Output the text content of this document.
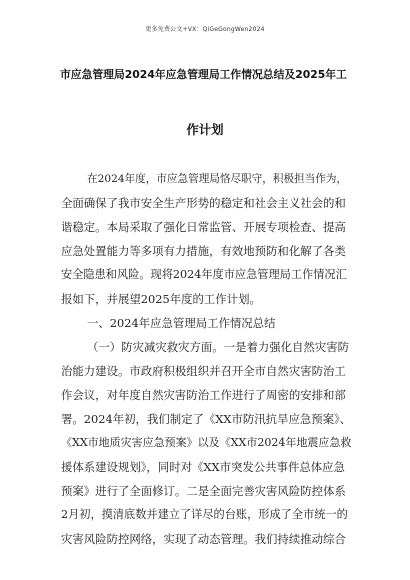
更多免费公文+VX：QiGeGongWen2024
市应急管理局2024年应急管理局工作情况总结及2025年工
作计划
在2024年度，市应急管理局恪尽职守，积极担当作为，
全面确保了我市安全生产形势的稳定和社会主义社会的和
谐稳定。本局采取了强化日常监管、开展专项检查、提高
应急处置能力等多项有力措施，有效地预防和化解了各类
安全隐患和风险。现将2024年度市应急管理局工作情况汇
报如下，并展望2025年度的工作计划。
一、2024年应急管理局工作情况总结
（一）防灾减灾救灾方面。一是着力强化自然灾害防
治能力建设。市政府积极组织并召开全市自然灾害防治工
作会议，对年度自然灾害防治工作进行了周密的安排和部
署。2024年初，我们制定了《XX市防汛抗旱应急预案》、
《XX市地质灾害应急预案》以及《XX市2024年地震应急救
援体系建设规划》，同时对《XX市突发公共事件总体应急
预案》进行了全面修订。二是全面完善灾害风险防控体系
2月初，摸清底数并建立了详尽的台账，形成了全市统一的
灾害风险防控网络，实现了动态管理。我们持续推动综合
